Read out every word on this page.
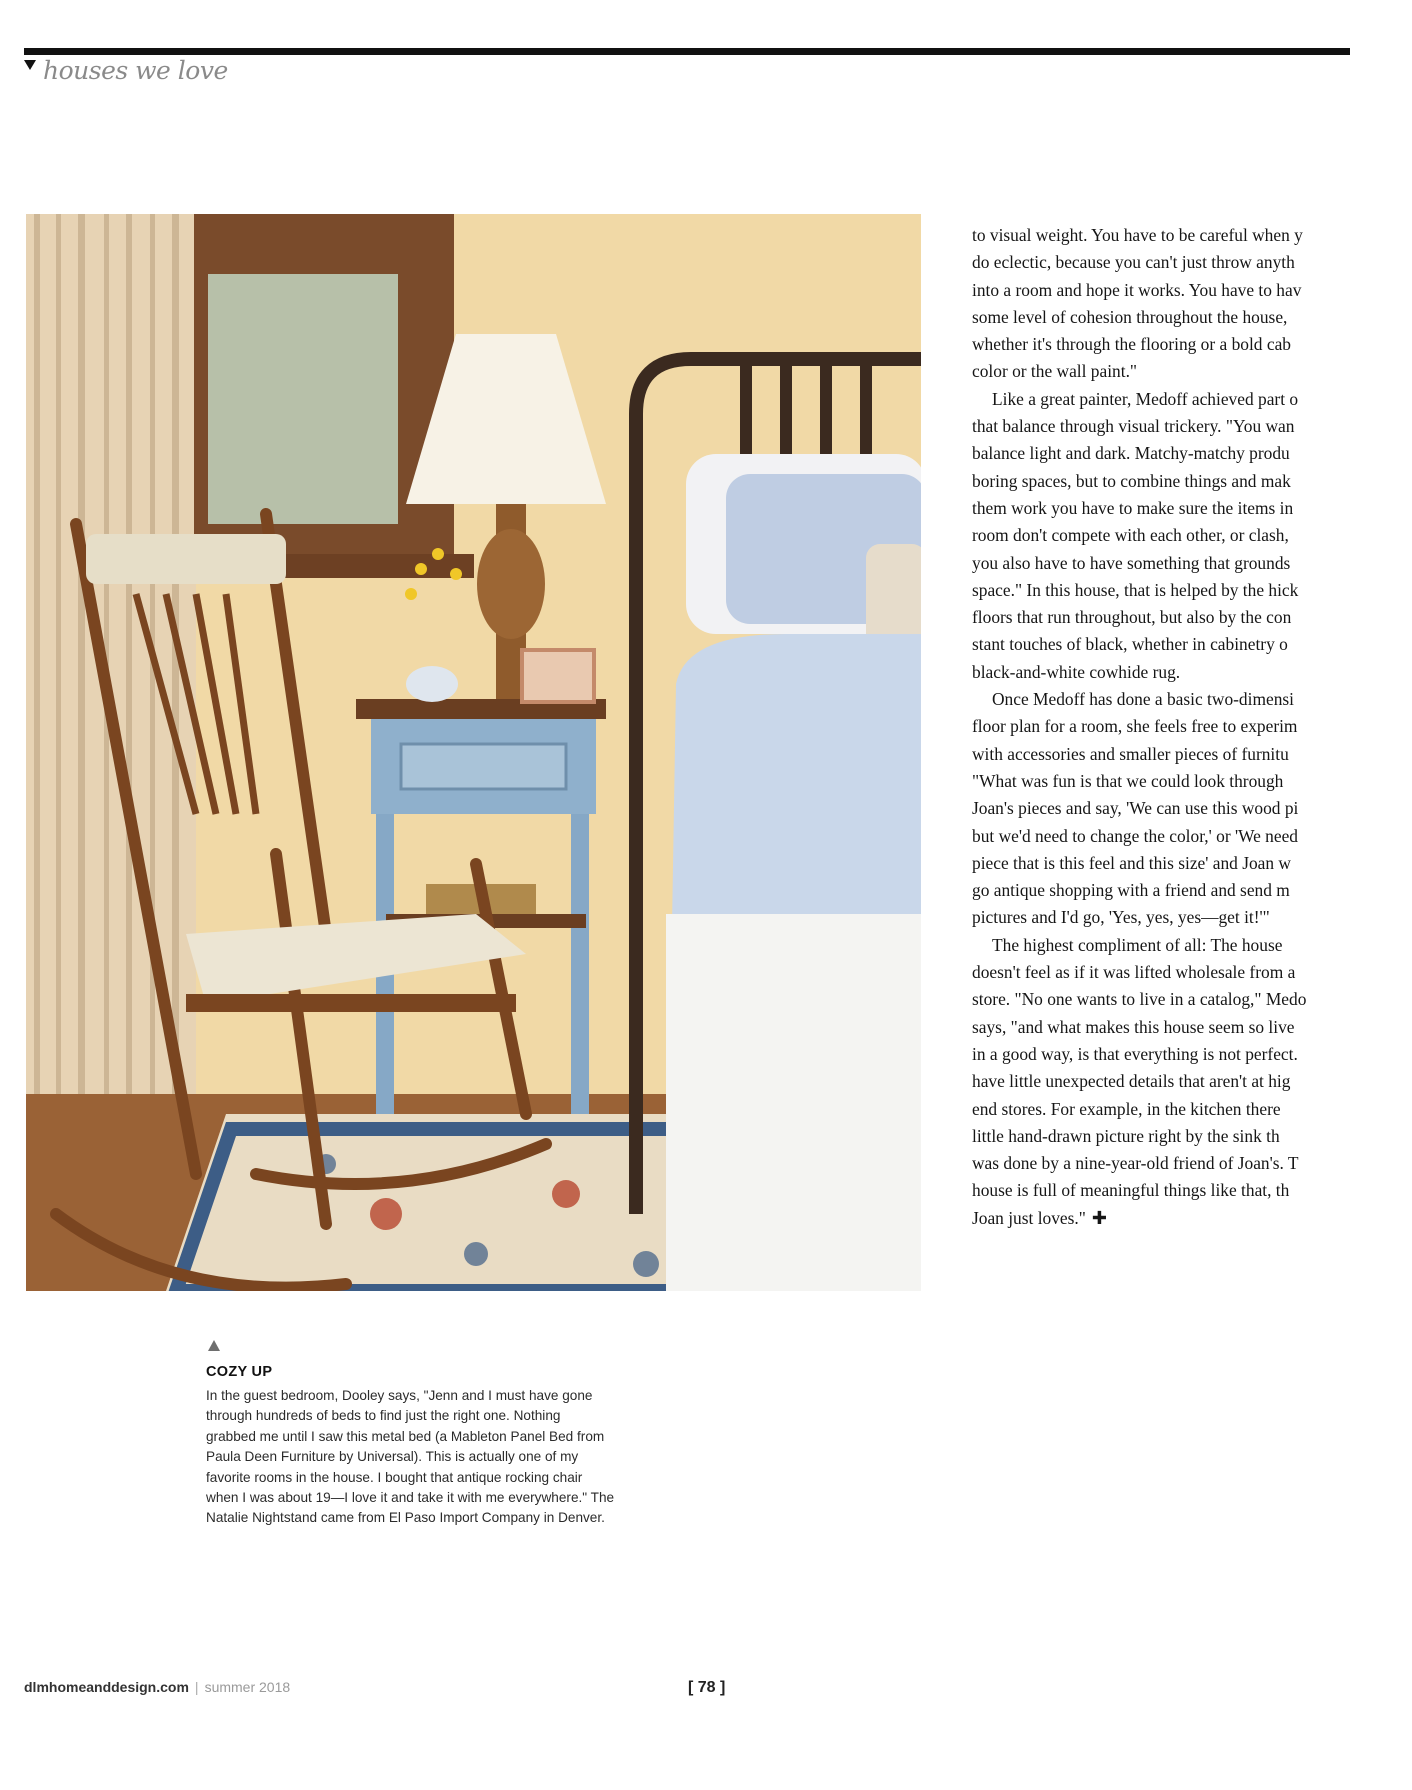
houses we love
to visual weight. You have to be careful when y
do eclectic, because you can't just throw anyth
into a room and hope it works. You have to hav
some level of cohesion throughout the house,
whether it's through the flooring or a bold cab
color or the wall paint."
Like a great painter, Medoff achieved part o
that balance through visual trickery. "You wan
balance light and dark. Matchy-matchy produ
boring spaces, but to combine things and mak
them work you have to make sure the items in
room don't compete with each other, or clash,
you also have to have something that grounds
space." In this house, that is helped by the hick
floors that run throughout, but also by the con
stant touches of black, whether in cabinetry o
black-and-white cowhide rug.
Once Medoff has done a basic two-dimensi
floor plan for a room, she feels free to experim
with accessories and smaller pieces of furnitu
"What was fun is that we could look through
Joan's pieces and say, 'We can use this wood pi
but we'd need to change the color,' or 'We need
piece that is this feel and this size' and Joan w
go antique shopping with a friend and send m
pictures and I'd go, 'Yes, yes, yes—get it!'"
The highest compliment of all: The house
doesn't feel as if it was lifted wholesale from a
store. "No one wants to live in a catalog," Medo
says, "and what makes this house seem so live
in a good way, is that everything is not perfect.
have little unexpected details that aren't at hig
end stores. For example, in the kitchen there
little hand-drawn picture right by the sink th
was done by a nine-year-old friend of Joan's. T
house is full of meaningful things like that, th
Joan just loves." ✚
COZY UP
In the guest bedroom, Dooley says, "Jenn and I must have gone
through hundreds of beds to find just the right one. Nothing
grabbed me until I saw this metal bed (a Mableton Panel Bed from
Paula Deen Furniture by Universal). This is actually one of my
favorite rooms in the house. I bought that antique rocking chair
when I was about 19—I love it and take it with me everywhere." The
Natalie Nightstand came from El Paso Import Company in Denver.
dlmhomeanddesign.com | summer 2018	[ 78 ]
